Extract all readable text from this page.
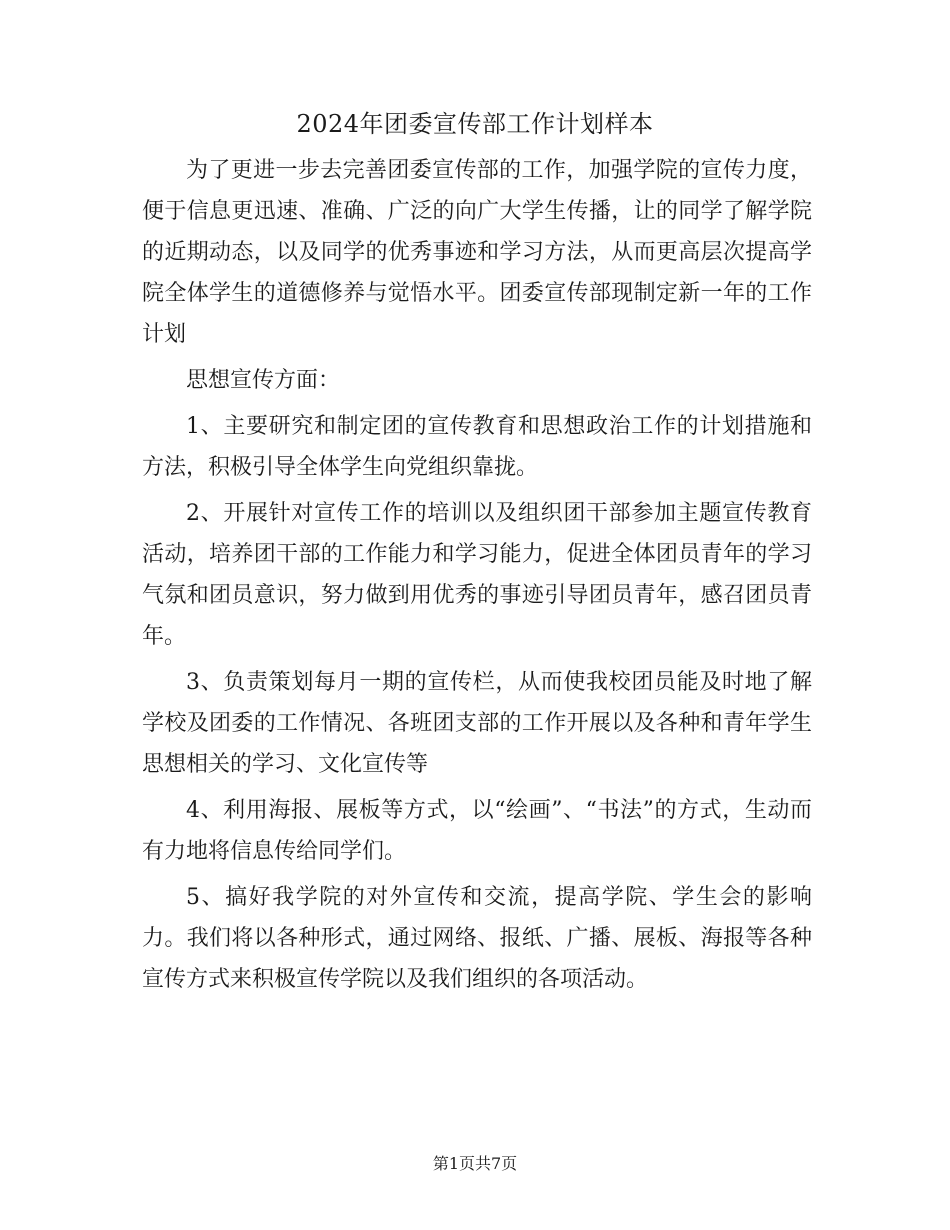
2024年团委宣传部工作计划样本

为了更进一步去完善团委宣传部的工作，加强学院的宣传力度，便于信息更迅速、准确、广泛的向广大学生传播，让的同学了解学院的近期动态，以及同学的优秀事迹和学习方法，从而更高层次提高学院全体学生的道德修养与觉悟水平。团委宣传部现制定新一年的工作计划

思想宣传方面：

1、主要研究和制定团的宣传教育和思想政治工作的计划措施和方法，积极引导全体学生向党组织靠拢。

2、开展针对宣传工作的培训以及组织团干部参加主题宣传教育活动，培养团干部的工作能力和学习能力，促进全体团员青年的学习气氛和团员意识，努力做到用优秀的事迹引导团员青年，感召团员青年。

3、负责策划每月一期的宣传栏，从而使我校团员能及时地了解学校及团委的工作情况、各班团支部的工作开展以及各种和青年学生思想相关的学习、文化宣传等

4、利用海报、展板等方式，以“绘画”、“书法”的方式，生动而有力地将信息传给同学们。

5、搞好我学院的对外宣传和交流，提高学院、学生会的影响力。我们将以各种形式，通过网络、报纸、广播、展板、海报等各种宣传方式来积极宣传学院以及我们组织的各项活动。

第1页共7页
